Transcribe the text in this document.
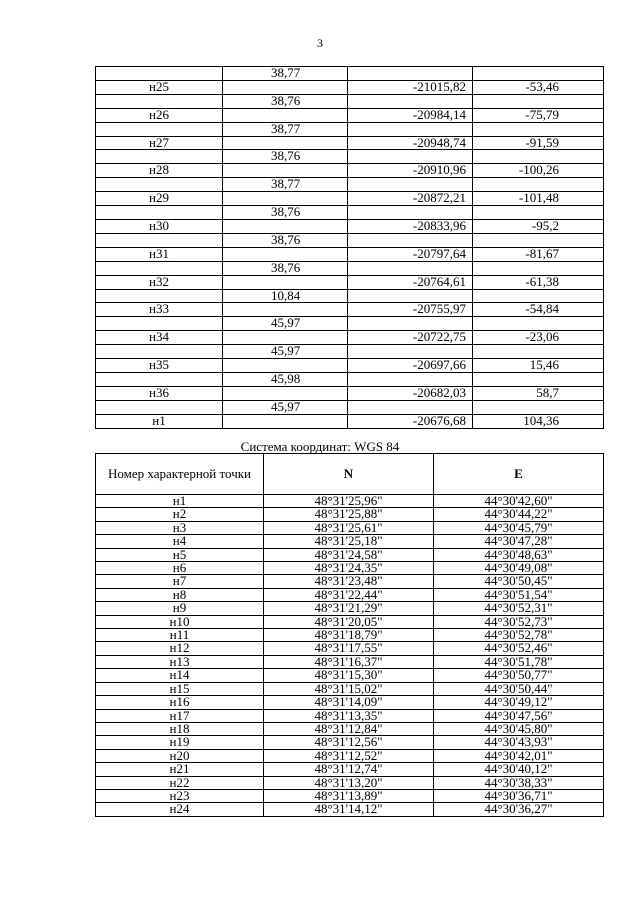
3
	38,77		
н25		-21015,82	-53,46
	38,76		
н26		-20984,14	-75,79
	38,77		
н27		-20948,74	-91,59
	38,76		
н28		-20910,96	-100,26
	38,77		
н29		-20872,21	-101,48
	38,76		
н30		-20833,96	-95,2
	38,76		
н31		-20797,64	-81,67
	38,76		
н32		-20764,61	-61,38
	10,84		
н33		-20755,97	-54,84
	45,97		
н34		-20722,75	-23,06
	45,97		
н35		-20697,66	15,46
	45,98		
н36		-20682,03	58,7
	45,97		
н1		-20676,68	104,36
Система координат: WGS 84
Номер характерной точки	N	E
н1	48°31'25,96"	44°30'42,60"
н2	48°31'25,88"	44°30'44,22"
н3	48°31'25,61"	44°30'45,79"
н4	48°31'25,18"	44°30'47,28"
н5	48°31'24,58"	44°30'48,63"
н6	48°31'24,35"	44°30'49,08"
н7	48°31'23,48"	44°30'50,45"
н8	48°31'22,44"	44°30'51,54"
н9	48°31'21,29"	44°30'52,31"
н10	48°31'20,05"	44°30'52,73"
н11	48°31'18,79"	44°30'52,78"
н12	48°31'17,55"	44°30'52,46"
н13	48°31'16,37"	44°30'51,78"
н14	48°31'15,30"	44°30'50,77"
н15	48°31'15,02"	44°30'50,44"
н16	48°31'14,09"	44°30'49,12"
н17	48°31'13,35"	44°30'47,56"
н18	48°31'12,84"	44°30'45,80"
н19	48°31'12,56"	44°30'43,93"
н20	48°31'12,52"	44°30'42,01"
н21	48°31'12,74"	44°30'40,12"
н22	48°31'13,20"	44°30'38,33"
н23	48°31'13,89"	44°30'36,71"
н24	48°31'14,12"	44°30'36,27"
